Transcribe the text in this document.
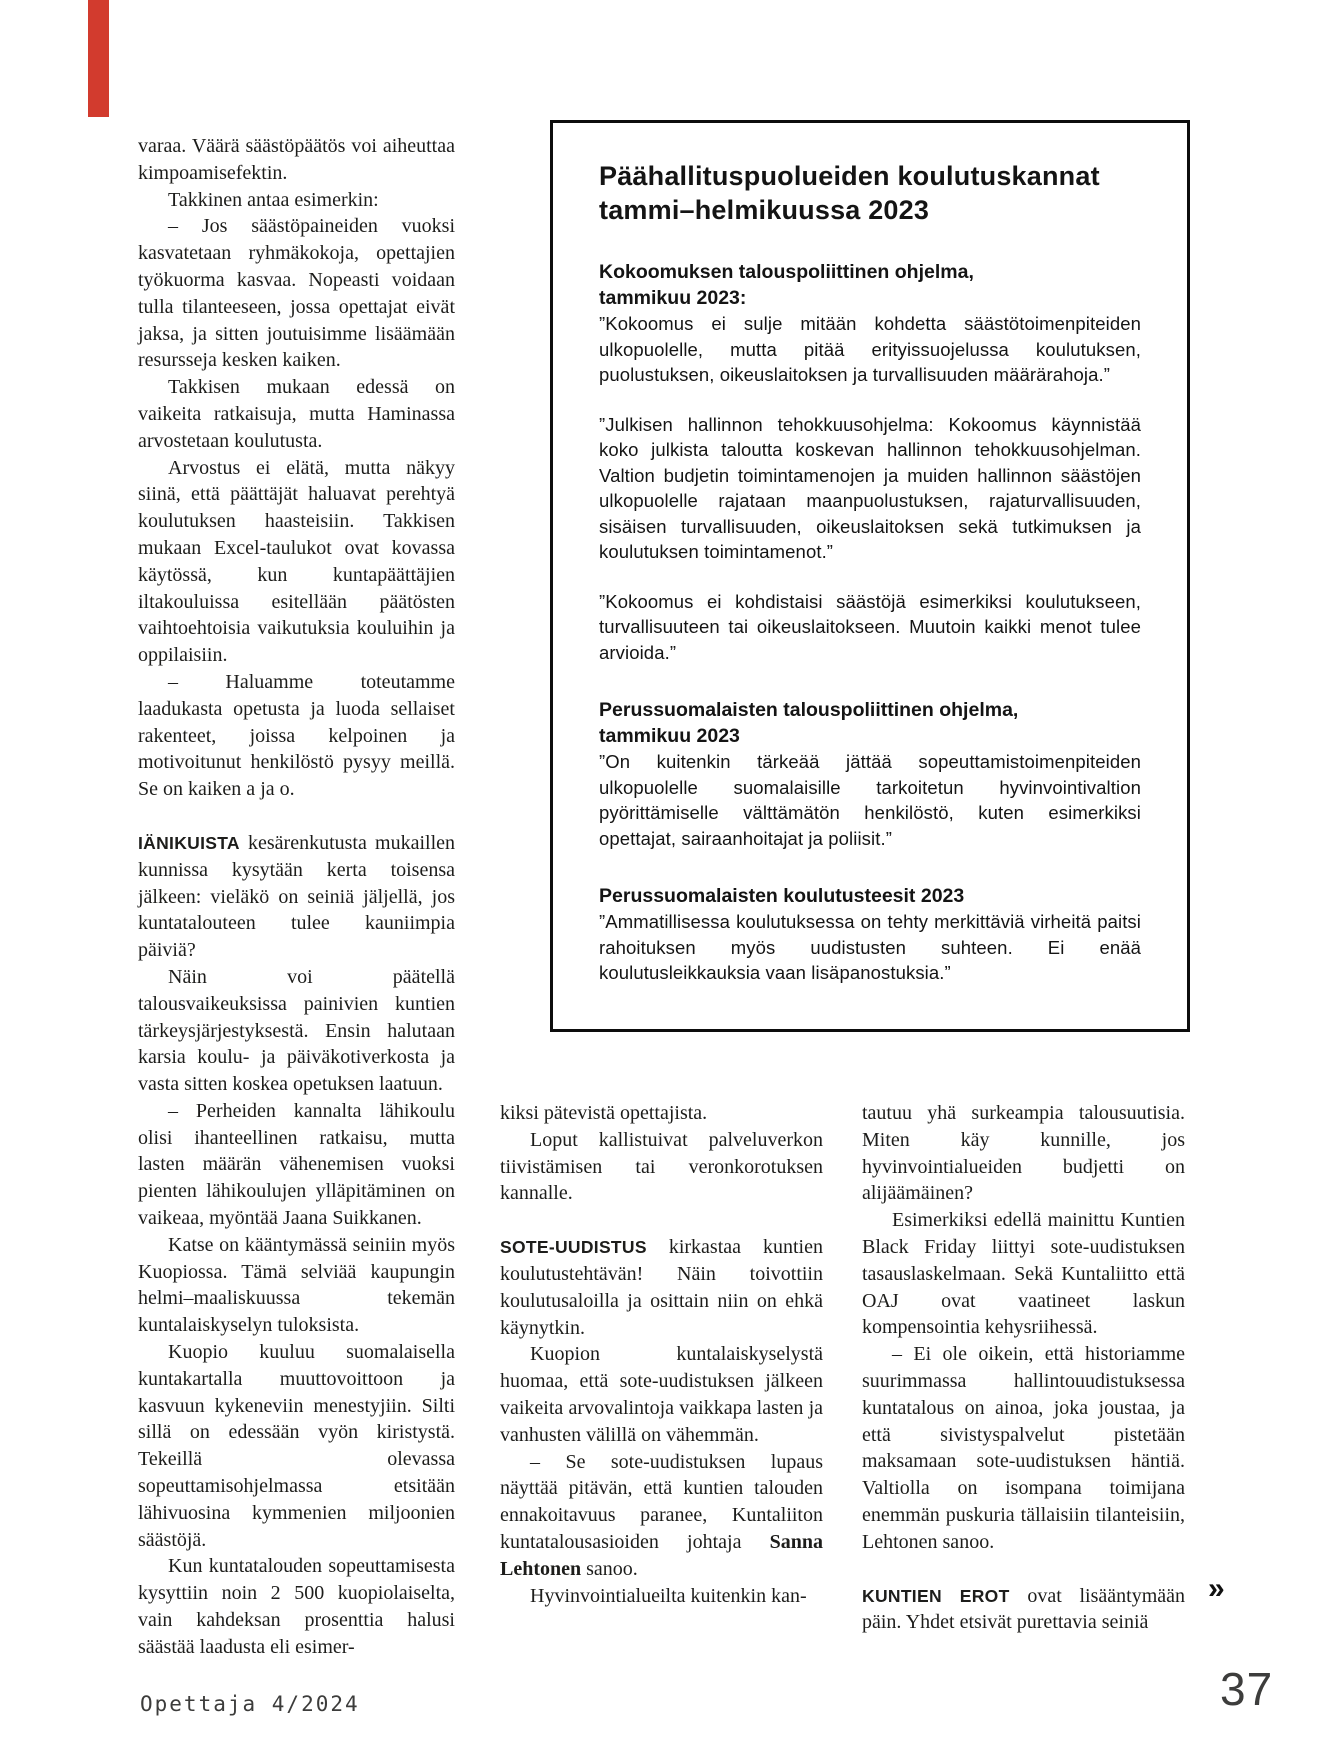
varaa. Väärä säästöpäätös voi aiheuttaa kimpoamisefektin.

Takkinen antaa esimerkin:

– Jos säästöpaineiden vuoksi kasvatetaan ryhmäkokoja, opettajien työkuorma kasvaa. Nopeasti voidaan tulla tilanteeseen, jossa opettajat eivät jaksa, ja sitten joutuisimme lisäämään resursseja kesken kaiken.

Takkisen mukaan edessä on vaikeita ratkaisuja, mutta Haminassa arvostetaan koulutusta.

Arvostus ei elätä, mutta näkyy siinä, että päättäjät haluavat perehtyä koulutuksen haasteisiin. Takkisen mukaan Excel-taulukot ovat kovassa käytössä, kun kuntapäättäjien iltakouluissa esitellään päätösten vaihtoehtoisia vaikutuksia kouluihin ja oppilaisiin.

– Haluamme toteutamme laadukasta opetusta ja luoda sellaiset rakenteet, joissa kelpoinen ja motivoitunut henkilöstö pysyy meillä. Se on kaiken a ja o.

IÄNIKUISTA kesärenkutusta mukaillen kunnissa kysytään kerta toisensa jälkeen: vieläkö on seiniä jäljellä, jos kuntatalouteen tulee kauniimpia päiviä?

Näin voi päätellä talousvaikeuksissa painivien kuntien tärkeysjärjestyksestä. Ensin halutaan karsia koulu- ja päiväkotiverkosta ja vasta sitten koskea opetuksen laatuun.

– Perheiden kannalta lähikoulu olisi ihanteellinen ratkaisu, mutta lasten määrän vähenemisen vuoksi pienten lähikoulujen ylläpitäminen on vaikeaa, myöntää Jaana Suikkanen.

Katse on kääntymässä seiniin myös Kuopiossa. Tämä selviää kaupungin helmi–maaliskuussa tekemän kuntalaiskyselyn tuloksista.

Kuopio kuuluu suomalaisella kuntakartalla muuttovoittoon ja kasvuun kykeneviin menestyjiin. Silti sillä on edessään vyön kiristystä. Tekeillä olevassa sopeuttamisohjelmassa etsitään lähivuosina kymmenien miljoonien säästöjä.

Kun kuntatalouden sopeuttamisesta kysyttiin noin 2 500 kuopiolaiselta, vain kahdeksan prosenttia halusi säästää laadusta eli esimer-

Päähallituspuolueiden koulutuskannat
tammi–helmikuussa 2023
Kokoomuksen talouspoliittinen ohjelma,
tammikuu 2023:

”Kokoomus ei sulje mitään kohdetta säästötoimenpiteiden ulkopuolelle, mutta pitää erityissuojelussa koulutuksen, puolustuksen, oikeuslaitoksen ja turvallisuuden määrärahoja.”

”Julkisen hallinnon tehokkuusohjelma: Kokoomus käynnistää koko julkista taloutta koskevan hallinnon tehokkuusohjelman. Valtion budjetin toimintamenojen ja muiden hallinnon säästöjen ulkopuolelle rajataan maanpuolustuksen, rajaturvallisuuden, sisäisen turvallisuuden, oikeuslaitoksen sekä tutkimuksen ja koulutuksen toimintamenot.”

”Kokoomus ei kohdistaisi säästöjä esimerkiksi koulutukseen, turvallisuuteen tai oikeuslaitokseen. Muutoin kaikki menot tulee arvioida.”

Perussuomalaisten talouspoliittinen ohjelma,
tammikuu 2023

”On kuitenkin tärkeää jättää sopeuttamistoimenpiteiden ulkopuolelle suomalaisille tarkoitetun hyvinvointivaltion pyörittämiselle välttämätön henkilöstö, kuten esimerkiksi opettajat, sairaanhoitajat ja poliisit.”

Perussuomalaisten koulutusteesit 2023

”Ammatillisessa koulutuksessa on tehty merkittäviä virheitä paitsi rahoituksen myös uudistusten suhteen. Ei enää koulutusleikkauksia vaan lisäpanostuksia.”

kiksi pätevistä opettajista.

Loput kallistuivat palveluverkon tiivistämisen tai veronkorotuksen kannalle.

SOTE-UUDISTUS kirkastaa kuntien koulutustehtävän! Näin toivottiin koulutusaloilla ja osittain niin on ehkä käynytkin.

Kuopion kuntalaiskyselystä huomaa, että sote-uudistuksen jälkeen vaikeita arvovalintoja vaikkapa lasten ja vanhusten välillä on vähemmän.

– Se sote-uudistuksen lupaus näyttää pitävän, että kuntien talouden ennakoitavuus paranee, Kuntaliiton kuntatalousasioiden johtaja Sanna Lehtonen sanoo.

Hyvinvointialueilta kuitenkin kan-

tautuu yhä surkeampia talousuutisia. Miten käy kunnille, jos hyvinvointialueiden budjetti on alijäämäinen?

Esimerkiksi edellä mainittu Kuntien Black Friday liittyi sote-uudistuksen tasauslaskelmaan. Sekä Kuntaliitto että OAJ ovat vaatineet laskun kompensointia kehysriihessä.

– Ei ole oikein, että historiamme suurimmassa hallintouudistuksessa kuntatalous on ainoa, joka joustaa, ja että sivistyspalvelut pistetään maksamaan sote-uudistuksen häntiä. Valtiolla on isompana toimijana enemmän puskuria tällaisiin tilanteisiin, Lehtonen sanoo.

KUNTIEN EROT ovat lisääntymään päin. Yhdet etsivät purettavia seiniä

»
Opettaja 4/2024	37
